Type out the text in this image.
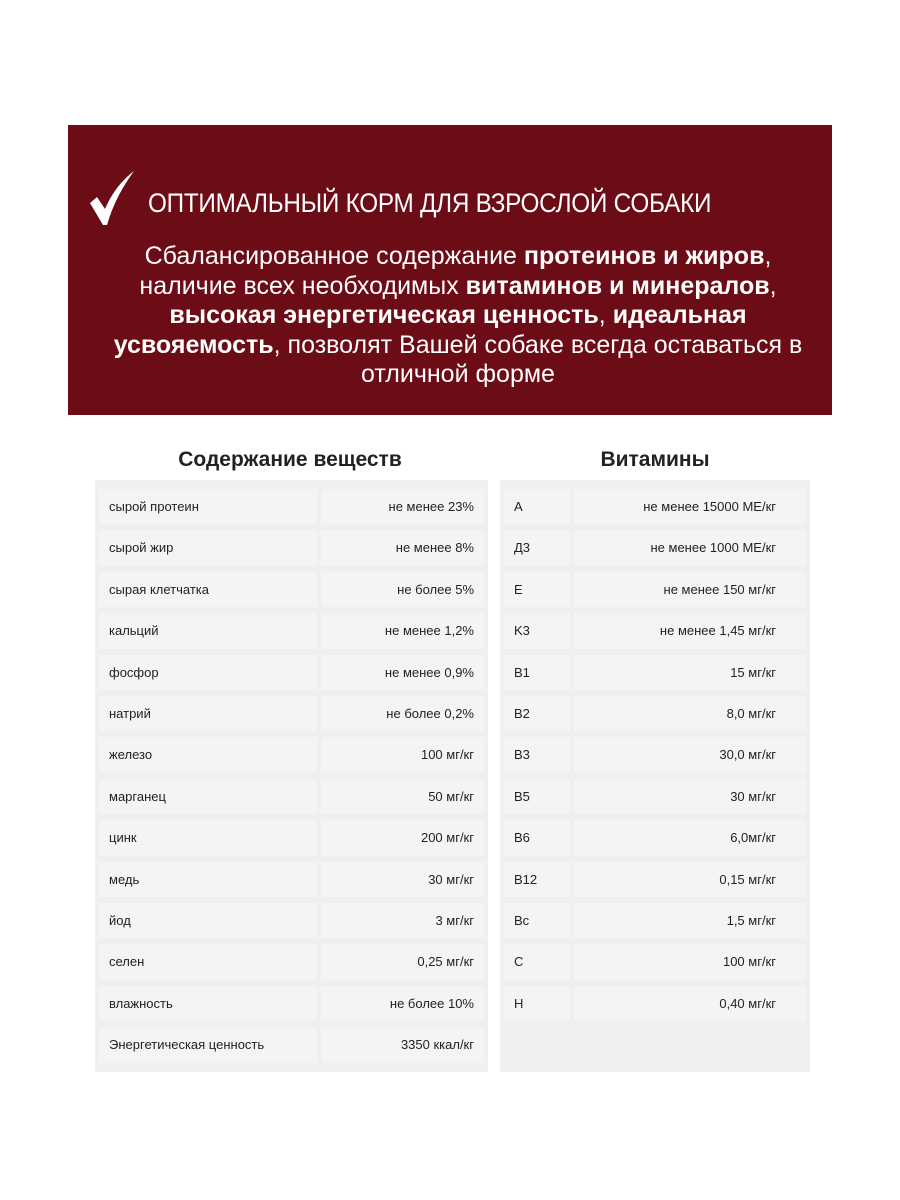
ОПТИМАЛЬНЫЙ КОРМ ДЛЯ ВЗРОСЛОЙ СОБАКИ
Сбалансированное содержание протеинов и жиров, наличие всех необходимых витаминов и минералов, высокая энергетическая ценность, идеальная усвояемость, позволят Вашей собаке всегда оставаться в отличной форме
Содержание веществ	Витамины
сырой протеин	не менее 23%
сырой жир	не менее 8%
сырая клетчатка	не более 5%
кальций	не менее 1,2%
фосфор	не менее 0,9%
натрий	не более 0,2%
железо	100 мг/кг
марганец	50 мг/кг
цинк	200 мг/кг
медь	30 мг/кг
йод	3 мг/кг
селен	0,25 мг/кг
влажность	не более 10%
Энергетическая ценность	3350 ккал/кг
A	не менее 15000 МЕ/кг
Д3	не менее 1000 МЕ/кг
E	не менее 150 мг/кг
K3	не менее 1,45 мг/кг
B1	15 мг/кг
B2	8,0 мг/кг
B3	30,0 мг/кг
B5	30 мг/кг
B6	6,0мг/кг
B12	0,15 мг/кг
Bc	1,5 мг/кг
C	100 мг/кг
H	0,40 мг/кг
